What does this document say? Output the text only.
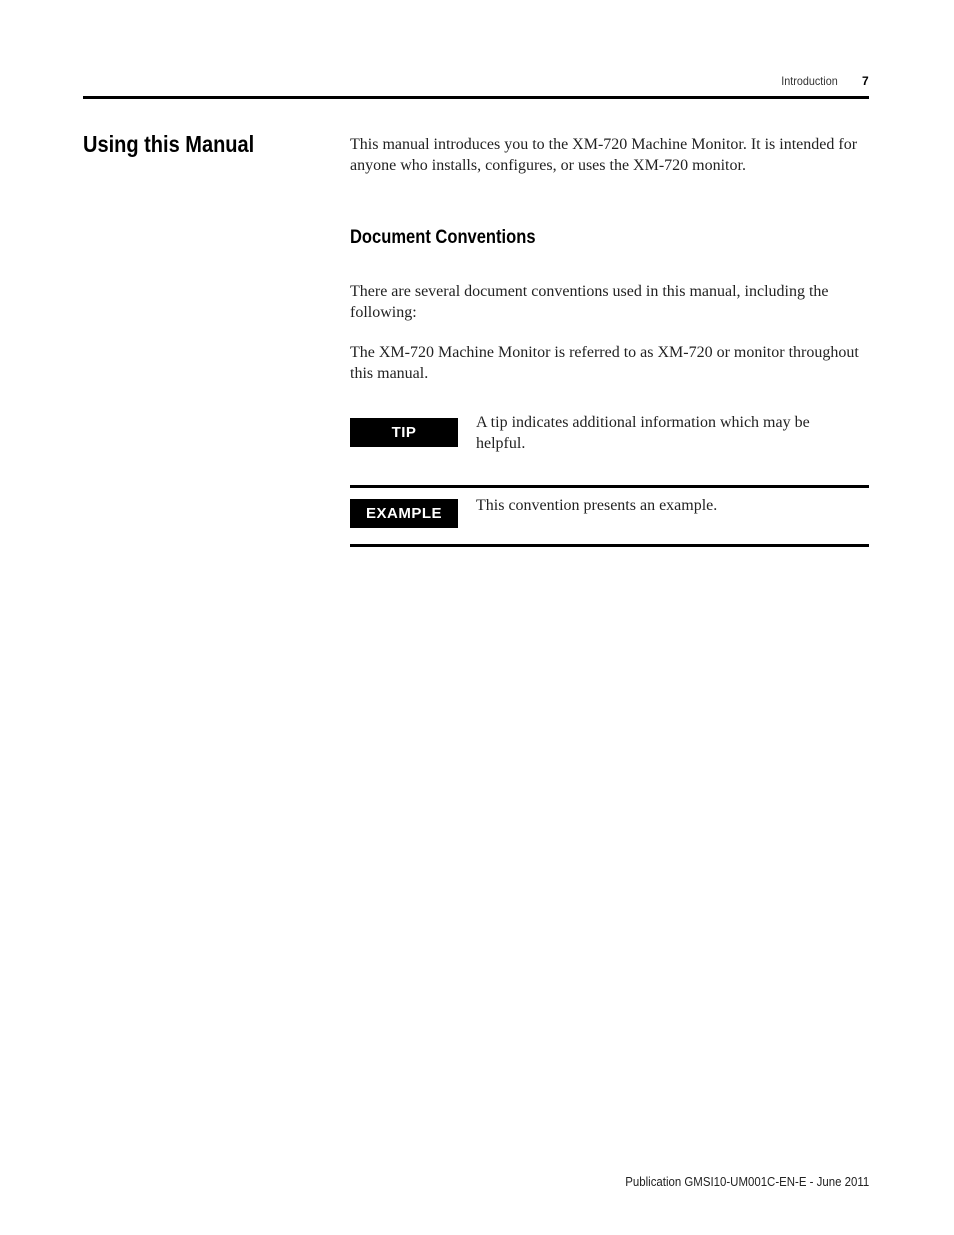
Introduction 7
Using this Manual	This manual introduces you to the XM-720 Machine Monitor. It is intended for anyone who installs, configures, or uses the XM-720 monitor.

Document Conventions

There are several document conventions used in this manual, including the following:

The XM-720 Machine Monitor is referred to as XM-720 or monitor throughout this manual.

TIP

A tip indicates additional information which may be helpful.

EXAMPLE	This convention presents an example.

Publication GMSI10-UM001C-EN-E - June 2011
